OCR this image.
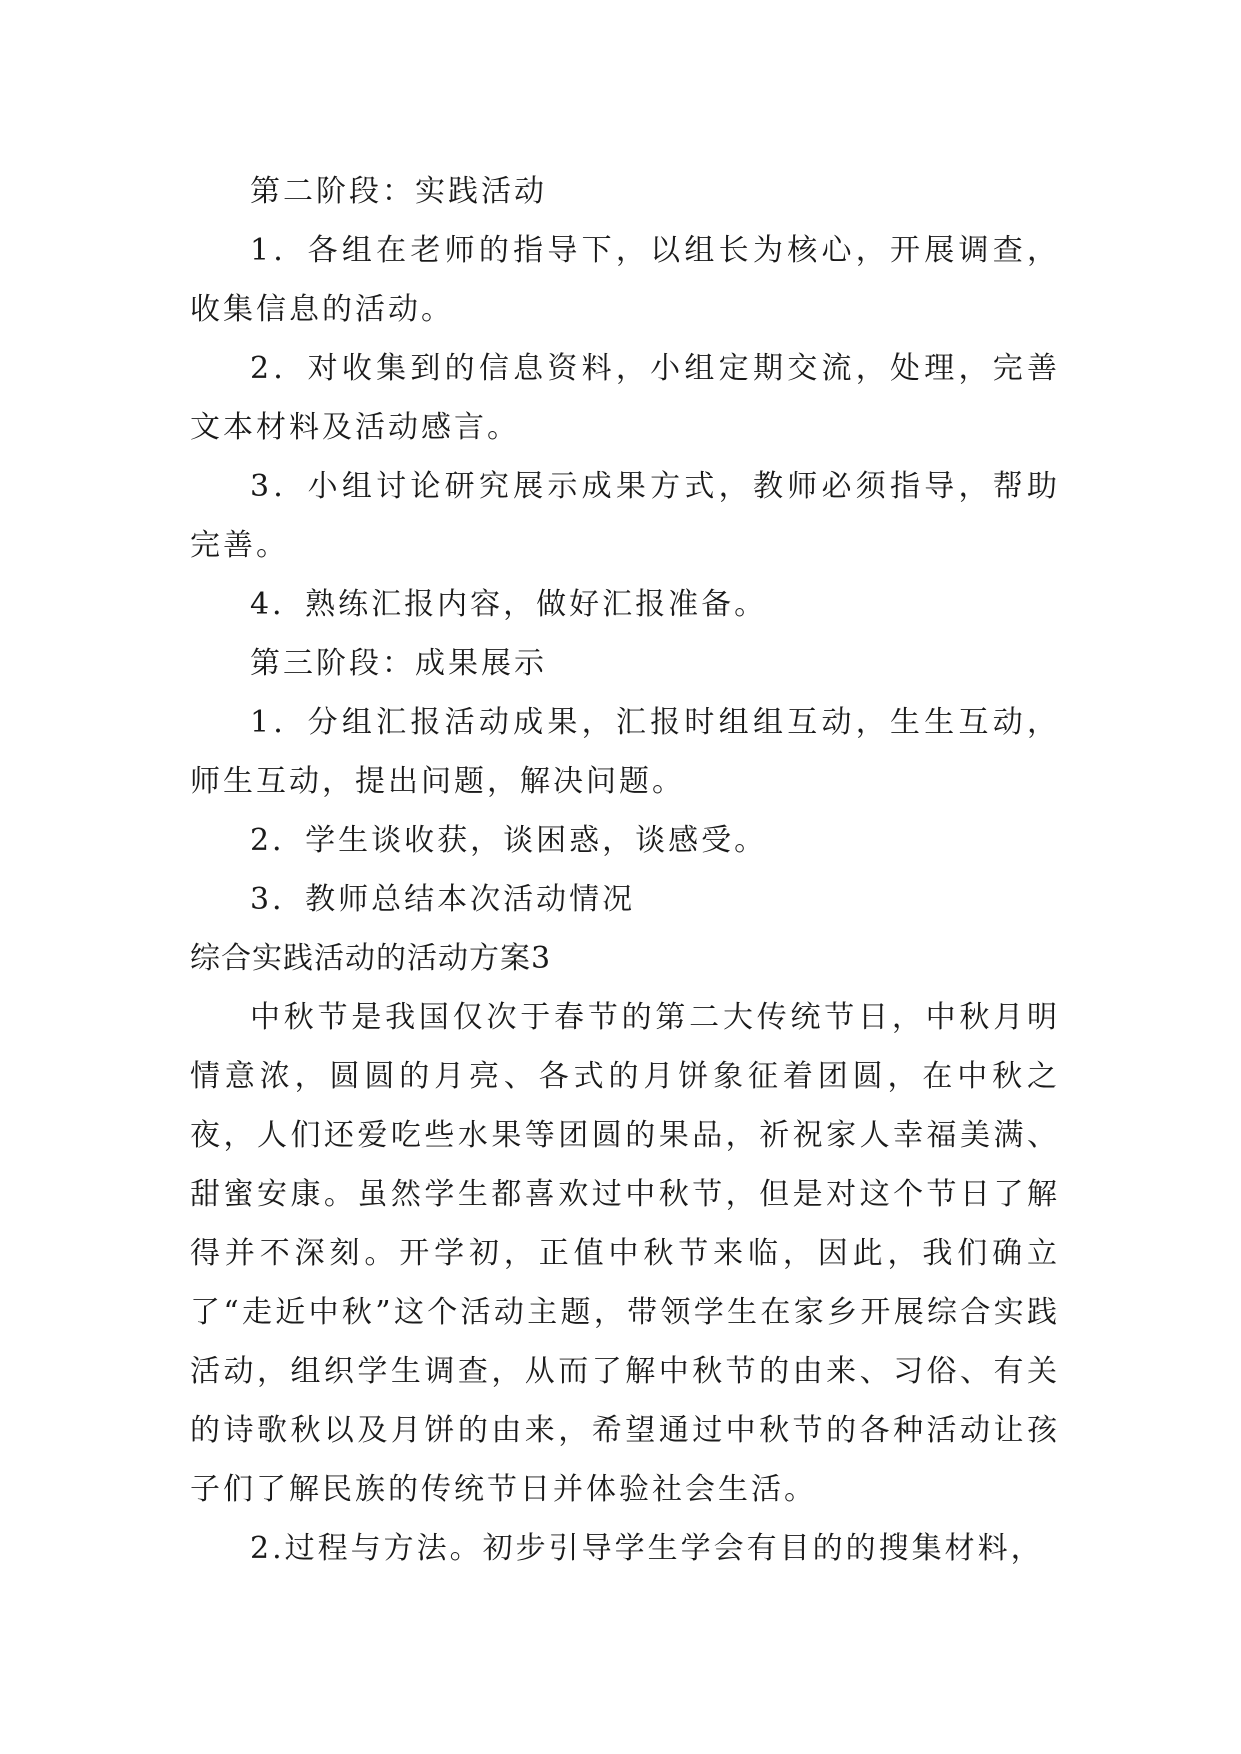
第二阶段：实践活动

1．各组在老师的指导下，以组长为核心，开展调查，收集信息的活动。

2．对收集到的信息资料，小组定期交流，处理，完善文本材料及活动感言。

3．小组讨论研究展示成果方式，教师必须指导，帮助完善。

4．熟练汇报内容，做好汇报准备。

第三阶段：成果展示

1．分组汇报活动成果，汇报时组组互动，生生互动，师生互动，提出问题，解决问题。

2．学生谈收获，谈困惑，谈感受。

3．教师总结本次活动情况

综合实践活动的活动方案3

中秋节是我国仅次于春节的第二大传统节日，中秋月明情意浓，圆圆的月亮、各式的月饼象征着团圆，在中秋之夜，人们还爱吃些水果等团圆的果品，祈祝家人幸福美满、甜蜜安康。虽然学生都喜欢过中秋节，但是对这个节日了解得并不深刻。开学初，正值中秋节来临，因此，我们确立了“走近中秋”这个活动主题，带领学生在家乡开展综合实践活动，组织学生调查，从而了解中秋节的由来、习俗、有关的诗歌秋以及月饼的由来，希望通过中秋节的各种活动让孩子们了解民族的传统节日并体验社会生活。

2.过程与方法。初步引导学生学会有目的的搜集材料，
